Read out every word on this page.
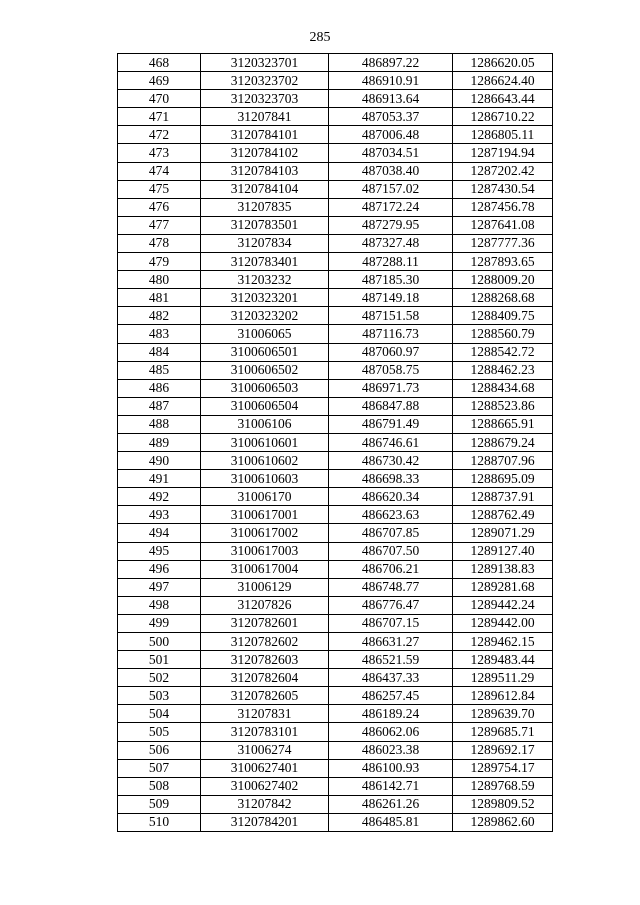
285
468	3120323701	486897.22	1286620.05
469	3120323702	486910.91	1286624.40
470	3120323703	486913.64	1286643.44
471	31207841	487053.37	1286710.22
472	3120784101	487006.48	1286805.11
473	3120784102	487034.51	1287194.94
474	3120784103	487038.40	1287202.42
475	3120784104	487157.02	1287430.54
476	31207835	487172.24	1287456.78
477	3120783501	487279.95	1287641.08
478	31207834	487327.48	1287777.36
479	3120783401	487288.11	1287893.65
480	31203232	487185.30	1288009.20
481	3120323201	487149.18	1288268.68
482	3120323202	487151.58	1288409.75
483	31006065	487116.73	1288560.79
484	3100606501	487060.97	1288542.72
485	3100606502	487058.75	1288462.23
486	3100606503	486971.73	1288434.68
487	3100606504	486847.88	1288523.86
488	31006106	486791.49	1288665.91
489	3100610601	486746.61	1288679.24
490	3100610602	486730.42	1288707.96
491	3100610603	486698.33	1288695.09
492	31006170	486620.34	1288737.91
493	3100617001	486623.63	1288762.49
494	3100617002	486707.85	1289071.29
495	3100617003	486707.50	1289127.40
496	3100617004	486706.21	1289138.83
497	31006129	486748.77	1289281.68
498	31207826	486776.47	1289442.24
499	3120782601	486707.15	1289442.00
500	3120782602	486631.27	1289462.15
501	3120782603	486521.59	1289483.44
502	3120782604	486437.33	1289511.29
503	3120782605	486257.45	1289612.84
504	31207831	486189.24	1289639.70
505	3120783101	486062.06	1289685.71
506	31006274	486023.38	1289692.17
507	3100627401	486100.93	1289754.17
508	3100627402	486142.71	1289768.59
509	31207842	486261.26	1289809.52
510	3120784201	486485.81	1289862.60
